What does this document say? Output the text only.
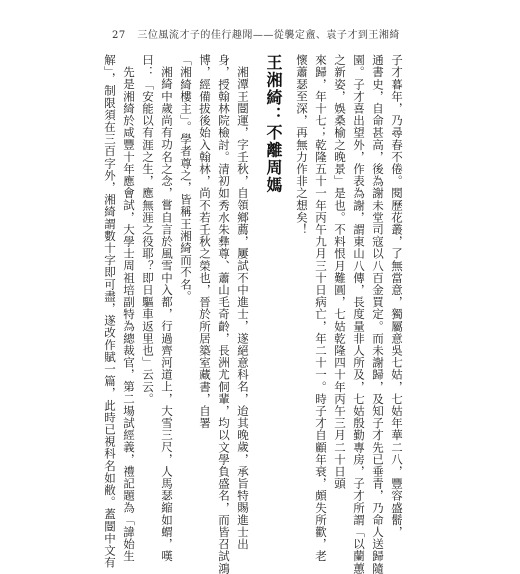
27 三位風流才子的佳行趣聞——從襲定盦、袁子才到王湘綺
子才暮年，乃尋春不倦。閱歷花叢，了無當意，獨屬意吳七姑，七姑年華二八，豐容盛鬋，
通書史，自命甚高，後為謝未堂司寇以八百金買定。而未謝歸，及知子才先已垂青，乃命人送歸隨
園。子才喜出望外，作表為謝，謂東山八傳，長度量非人所及，七姑殷勤專房，子才所謂「以蘭蕙
之新姿，娛桑榆之晚景」是也。不料恨月難圓，七姑乾隆四十年丙午三月二十日頭
來歸，年十七；乾隆五十一年丙午九月三十日病亡，年二十一。時子才自顧年衰，頗失所歡，老
懷蕭瑟至深，再無力作非之想矣！
王湘綺：不離周媽
湘潭王闓運，字壬秋，自領鄉薦，屢試不中進士，遂絕意科名，迨其晚歲，承旨特賜進士出
身，授翰林院檢討。清初如秀水朱彝尊、蕭山毛奇齡，長洲尤侗輩，均以文學負盛名，而皆召試鴻
博，經備拔後始入翰林，尚不若壬秋之榮也，晉於所居築室藏書，自署
「湘綺樓主」。學者尊之，皆稱王湘綺而不名。
湘綺中歲尚有功名之念，嘗自言於風雪中入都，行過齊河道上，大雪三尺，人馬瑟縮如蝟，嘆
曰：「安能以有涯之生，應無涯之役耶？即日驅車返里也」云云。
先是湘綺於咸豐十年應會試，大學士周祖培副特為總裁官，第二場試經義，禮記題為「諱始生
解」，制限須在三百字外，湘綺謂數十字即可盡，遂改作賦一篇，此時已視科名如敝。蓋闓中文有
